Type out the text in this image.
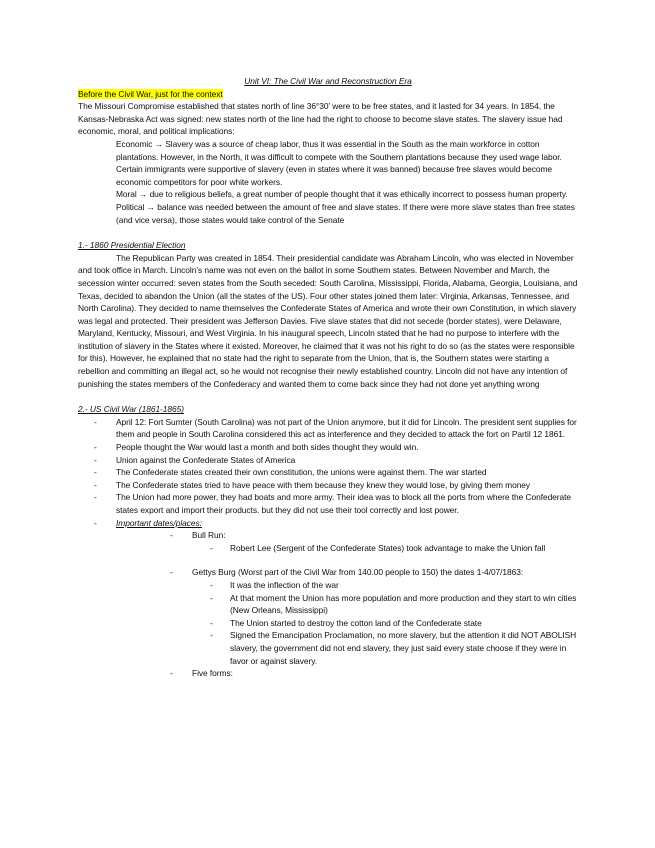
Unit VI: The Civil War and Reconstruction Era

Before the Civil War, just for the context

The Missouri Compromise established that states north of line 36°30’ were to be free states, and it lasted for 34 years. In 1854, the Kansas-Nebraska Act was signed: new states north of the line had the right to choose to become slave states. The slavery issue had economic, moral, and political implications:

Economic → Slavery was a source of cheap labor, thus it was essential in the South as the main workforce in cotton plantations. However, in the North, it was difficult to compete with the Southern plantations because they used wage labor. Certain immigrants were supportive of slavery (even in states where it was banned) because free slaves would become economic competitors for poor white workers.

Moral → due to religious beliefs, a great number of people thought that it was ethically incorrect to possess human property.

Political → balance was needed between the amount of free and slave states. If there were more slave states than free states (and vice versa), those states would take control of the Senate

1.- 1860 Presidential Election

The Republican Party was created in 1854. Their presidential candidate was Abraham Lincoln, who was elected in November and took office in March. Lincoln’s name was not even on the ballot in some Southern states. Between November and March, the secession winter occurred: seven states from the South seceded: South Carolina, Mississippi, Florida, Alabama, Georgia, Louisiana, and Texas, decided to abandon the Union (all the states of the US). Four other states joined them later: Virginia, Arkansas, Tennessee, and North Carolina). They decided to name themselves the Confederate States of America and wrote their own Constitution, in which slavery was legal and protected. Their president was Jefferson Davies. Five slave states that did not secede (border states), were Delaware, Maryland, Kentucky, Missouri, and West Virginia. In his inaugural speech, Lincoln stated that he had no purpose to interfere with the institution of slavery in the States where it existed. Moreover, he claimed that it was not his right to do so (as the states were responsible for this). However, he explained that no state had the right to separate from the Union, that is, the Southern states were starting a rebellion and committing an illegal act, so he would not recognise their newly established country. Lincoln did not have any intention of punishing the states members of the Confederacy and wanted them to come back since they had not done yet anything wrong

2.- US Civil War (1861-1865)

- April 12: Fort Sumter (South Carolina) was not part of the Union anymore, but it did for Lincoln. The president sent supplies for them and people in South Carolina considered this act as interference and they decided to attack the fort on Partil 12 1861.
- People thought the War would last a month and both sides thought they would win.
- Union against the Confederate States of America
- The Confederate states created their own constitution, the unions were against them. The war started
- The Confederate states tried to have peace with them because they knew they would lose, by giving them money
- The Union had more power, they had boats and more army. Their idea was to block all the ports from where the Confederate states export and import their products. but they did not use their tool correctly and lost power.
- Important dates/places:
- Bull Run:
- Robert Lee (Sergent of the Confederate States) took advantage to make the Union fall
- Gettys Burg (Worst part of the Civil War from 140.00 people to 150) the dates 1-4/07/1863:
- It was the inflection of the war
- At that moment the Union has more population and more production and they start to win cities (New Orleans, Mississippi)
- The Union started to destroy the cotton land of the Confederate state
- Signed the Emancipation Proclamation, no more slavery, but the attention it did NOT ABOLISH slavery, the government did not end slavery, they just said every state choose if they were in favor or against slavery.
- Five forms:
